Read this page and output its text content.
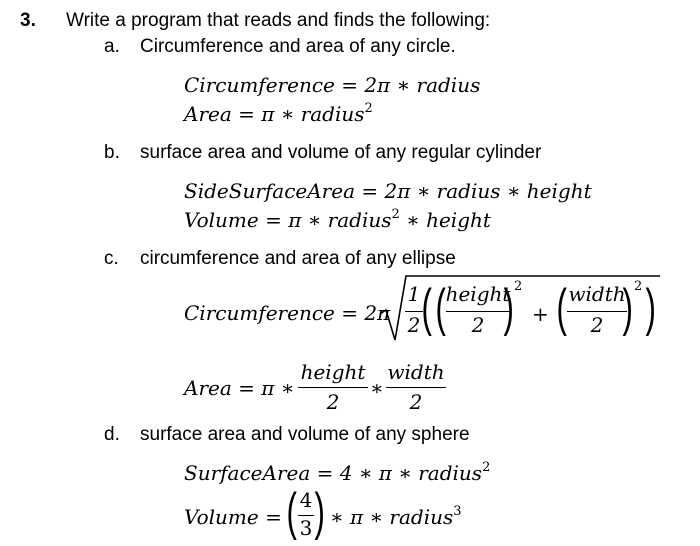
3. Write a program that reads and finds the following:
a. Circumference and area of any circle.
Circumference = 2π ∗ radius
Area = π ∗ radius$^2$
b. surface area and volume of any regular cylinder
SideSurfaceArea = 2π ∗ radius ∗ height
Volume = π ∗ radius$^2$ ∗ height
c. circumference and area of any ellipse
Circumference = 2π
1
2 ( ( height
2 ) 2
+ ( width
2 ) 2 )
Area = π ∗
height
2
∗
width
2
d. surface area and volume of any sphere
SurfaceArea = 4 ∗ π ∗ radius$^2$
Volume = ( 4
3 ) ∗ π ∗ radius$^3$
